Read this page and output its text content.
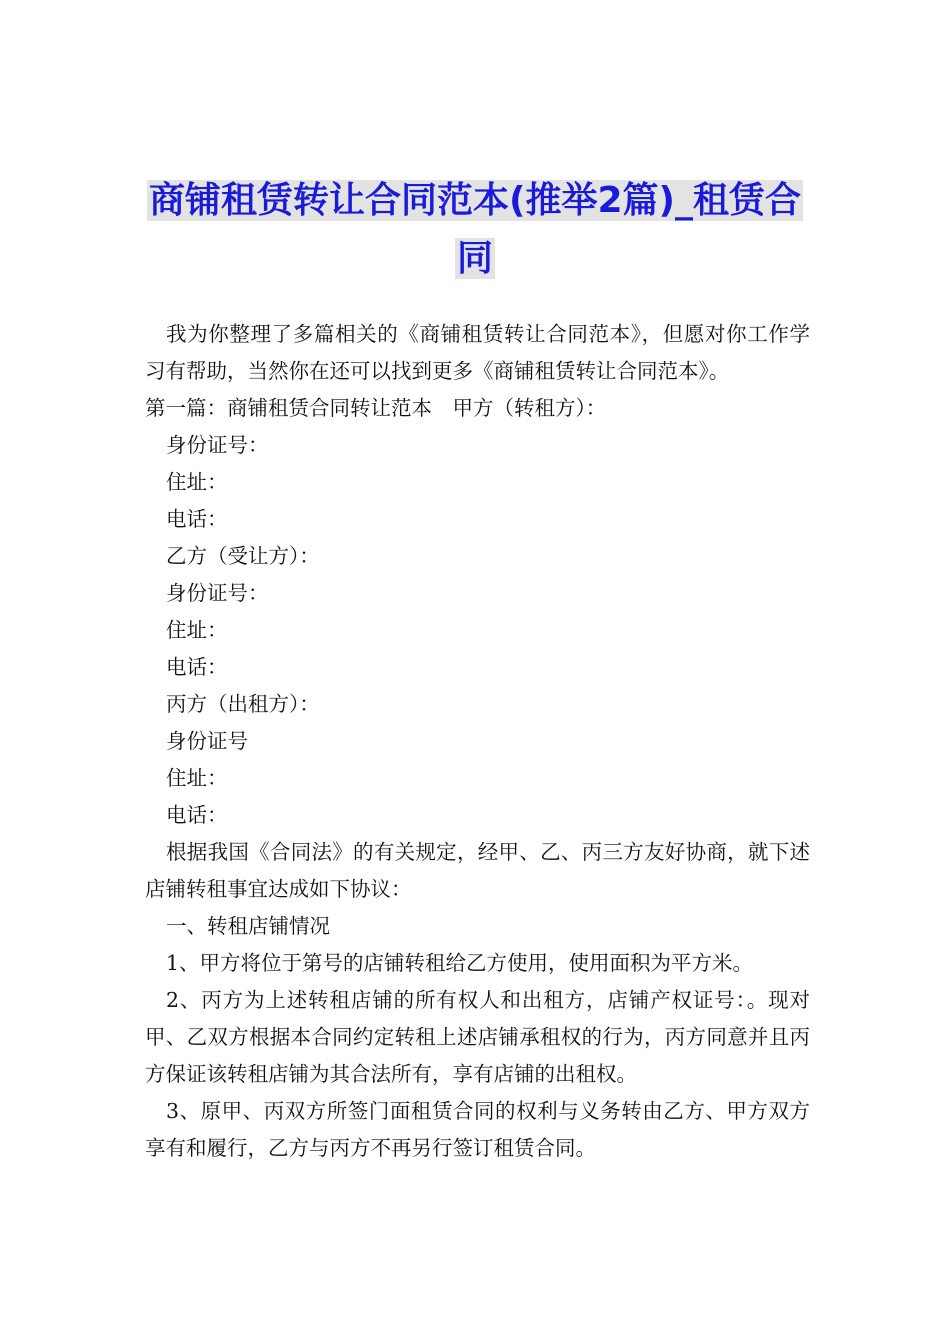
商铺租赁转让合同范本(推举2篇)_租赁合同

我为你整理了多篇相关的《商铺租赁转让合同范本》，但愿对你工作学习有帮助，当然你在还可以找到更多《商铺租赁转让合同范本》。

第一篇：商铺租赁合同转让范本　甲方（转租方）：

身份证号：

住址：

电话：

乙方（受让方）：

身份证号：

住址：

电话：

丙方（出租方）：

身份证号

住址：

电话：

根据我国《合同法》的有关规定，经甲、乙、丙三方友好协商，就下述店铺转租事宜达成如下协议：

一、转租店铺情况

1、甲方将位于第号的店铺转租给乙方使用，使用面积为平方米。

2、丙方为上述转租店铺的所有权人和出租方，店铺产权证号：。现对甲、乙双方根据本合同约定转租上述店铺承租权的行为，丙方同意并且丙方保证该转租店铺为其合法所有，享有店铺的出租权。

3、原甲、丙双方所签门面租赁合同的权利与义务转由乙方、甲方双方享有和履行，乙方与丙方不再另行签订租赁合同。
